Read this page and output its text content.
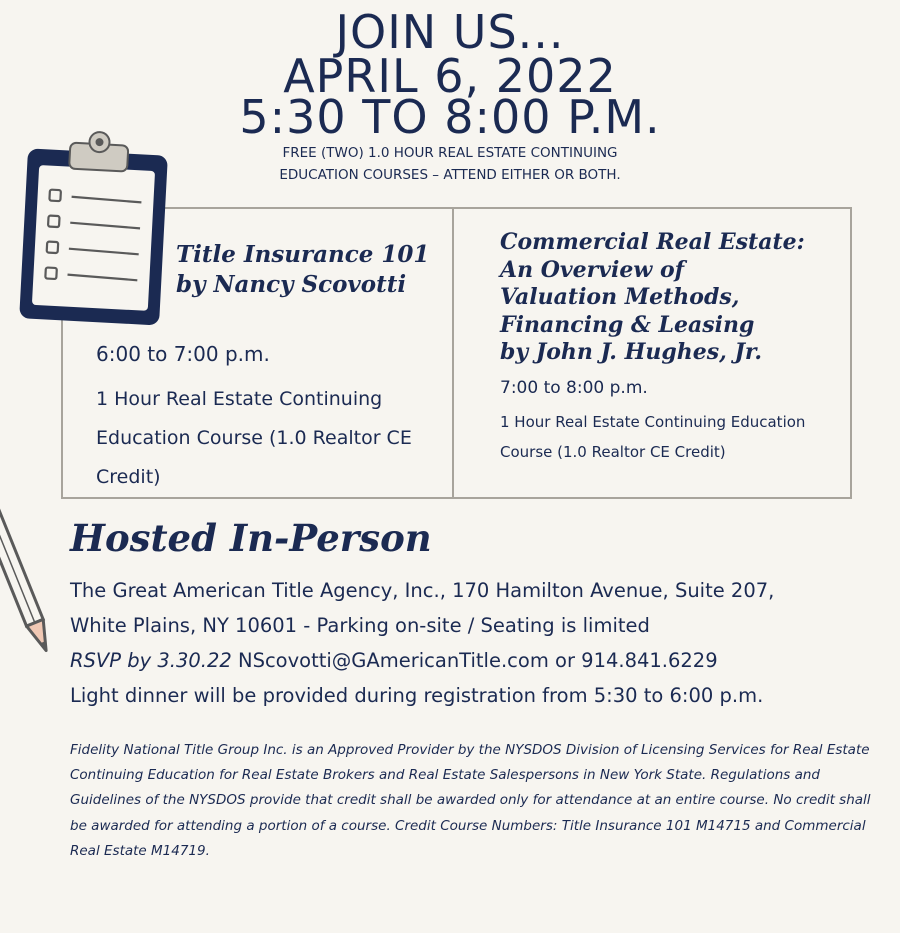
JOIN US...
APRIL 6, 2022
5:30 TO 8:00 P.M.
FREE (TWO) 1.0 HOUR REAL ESTATE CONTINUING
EDUCATION COURSES – ATTEND EITHER OR BOTH.
Title Insurance 101
by Nancy Scovotti
6:00 to 7:00 p.m.
1 Hour Real Estate Continuing Education Course (1.0 Realtor CE Credit)
Commercial Real Estate:
An Overview of
Valuation Methods,
Financing & Leasing
by John J. Hughes, Jr.
7:00 to 8:00 p.m.
1 Hour Real Estate Continuing Education Course (1.0 Realtor CE Credit)
Hosted In-Person
The Great American Title Agency, Inc., 170 Hamilton Avenue, Suite 207,
White Plains, NY 10601 - Parking on-site / Seating is limited
RSVP by 3.30.22 NScovotti@GAmericanTitle.com or 914.841.6229
Light dinner will be provided during registration from 5:30 to 6:00 p.m.
Fidelity National Title Group Inc. is an Approved Provider by the NYSDOS Division of Licensing Services for Real Estate Continuing Education for Real Estate Brokers and Real Estate Salespersons in New York State. Regulations and Guidelines of the NYSDOS provide that credit shall be awarded only for attendance at an entire course. No credit shall be awarded for attending a portion of a course. Credit Course Numbers: Title Insurance 101 M14715 and Commercial Real Estate M14719.
